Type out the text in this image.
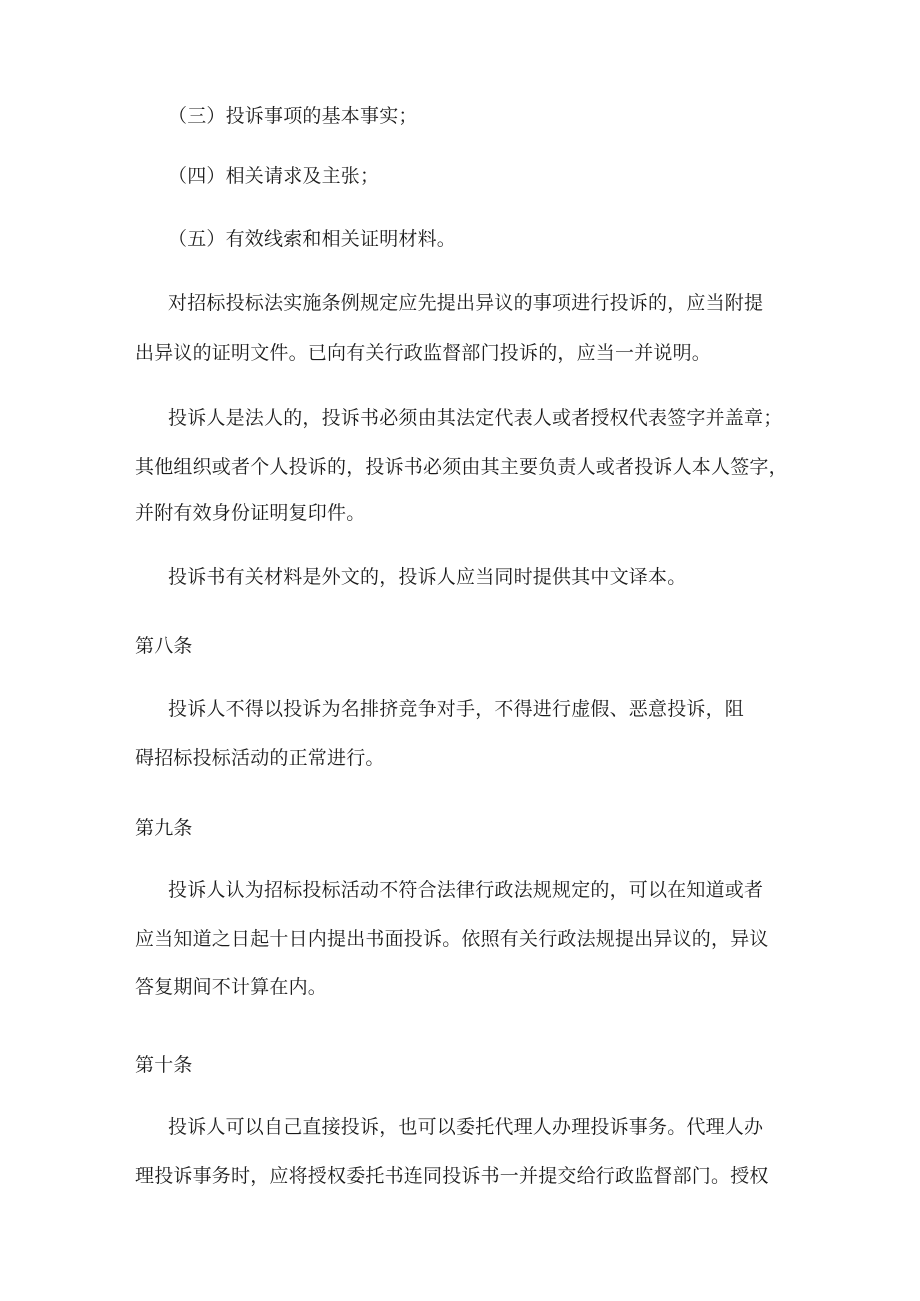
（三）投诉事项的基本事实；
（四）相关请求及主张；
（五）有效线索和相关证明材料。
对招标投标法实施条例规定应先提出异议的事项进行投诉的，应当附提
出异议的证明文件。已向有关行政监督部门投诉的，应当一并说明。
投诉人是法人的，投诉书必须由其法定代表人或者授权代表签字并盖章；
其他组织或者个人投诉的，投诉书必须由其主要负责人或者投诉人本人签字，
并附有效身份证明复印件。
投诉书有关材料是外文的，投诉人应当同时提供其中文译本。
第八条
投诉人不得以投诉为名排挤竞争对手，不得进行虚假、恶意投诉，阻
碍招标投标活动的正常进行。
第九条
投诉人认为招标投标活动不符合法律行政法规规定的，可以在知道或者
应当知道之日起十日内提出书面投诉。依照有关行政法规提出异议的，异议
答复期间不计算在内。
第十条
投诉人可以自己直接投诉，也可以委托代理人办理投诉事务。代理人办
理投诉事务时，应将授权委托书连同投诉书一并提交给行政监督部门。授权
